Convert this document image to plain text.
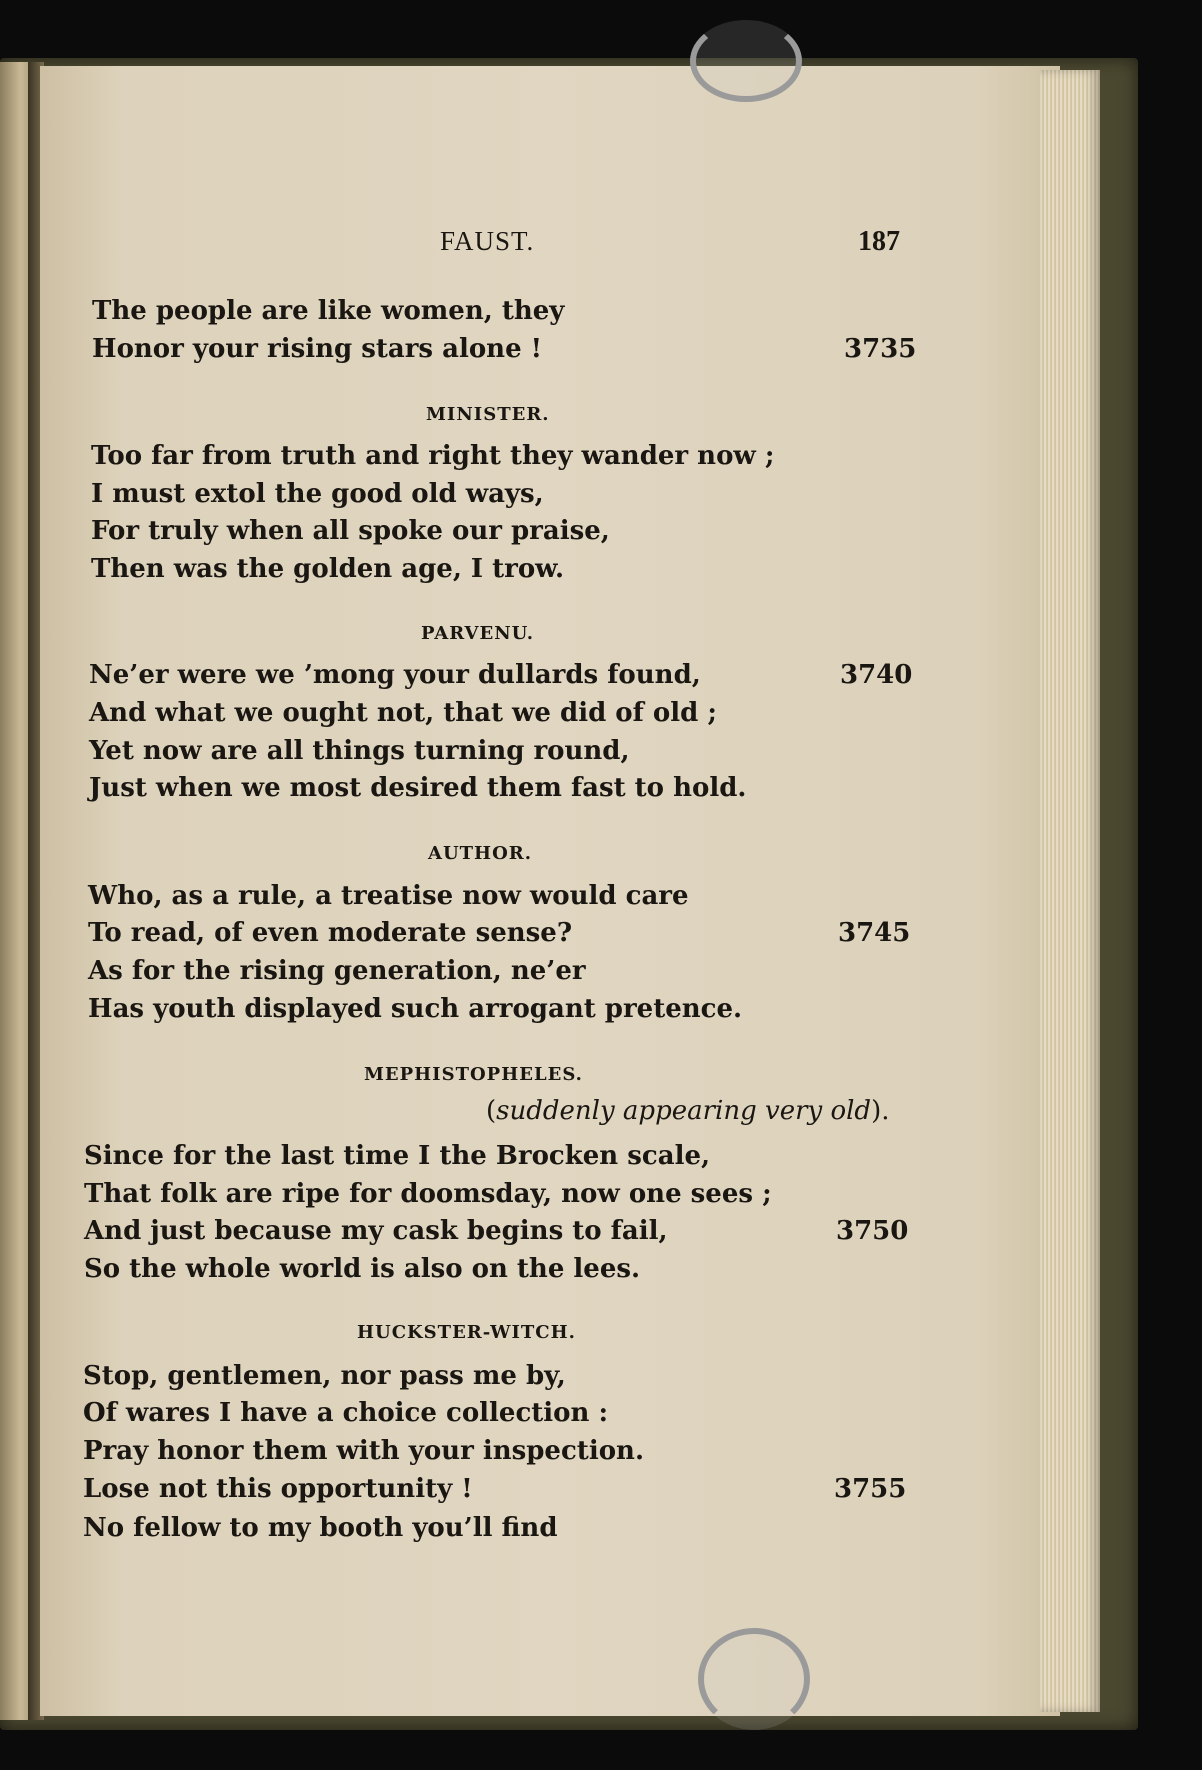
FAUST.	187
The people are like women, they
Honor your rising stars alone !	3735
MINISTER.
Too far from truth and right they wander now ;
I must extol the good old ways,
For truly when all spoke our praise,
Then was the golden age, I trow.
PARVENU.
Ne’er were we ’mong your dullards found,	3740
And what we ought not, that we did of old ;
Yet now are all things turning round,
Just when we most desired them fast to hold.
AUTHOR.
Who, as a rule, a treatise now would care
To read, of even moderate sense?	3745
As for the rising generation, ne’er
Has youth displayed such arrogant pretence.
MEPHISTOPHELES.
(suddenly appearing very old).
Since for the last time I the Brocken scale,
That folk are ripe for doomsday, now one sees ;
And just because my cask begins to fail,	3750
So the whole world is also on the lees.
HUCKSTER-WITCH.
Stop, gentlemen, nor pass me by,
Of wares I have a choice collection :
Pray honor them with your inspection.
Lose not this opportunity !	3755
No fellow to my booth you’ll find
